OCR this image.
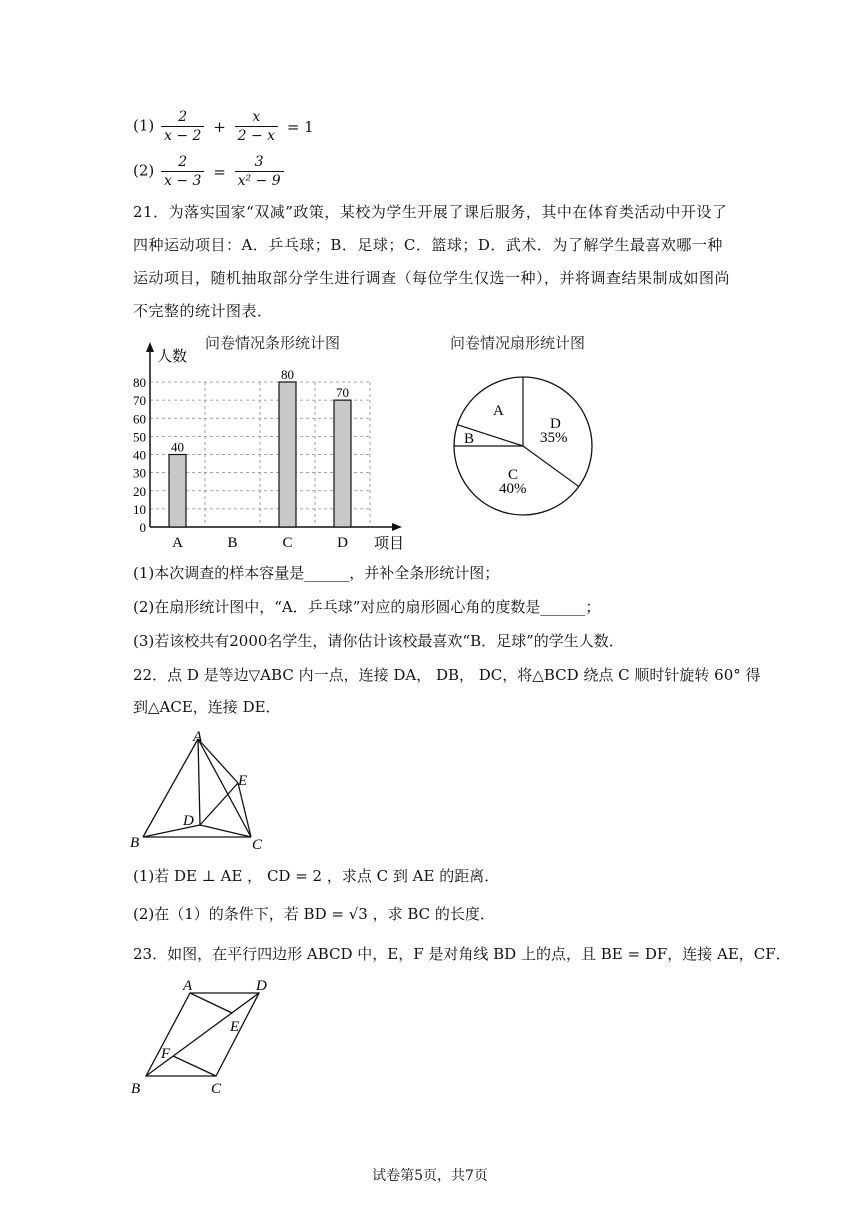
$(1) \frac{2}{x - 2} + \frac{x}{2 - x} = 1$
$(2) \frac{2}{x - 3} = \frac{3}{\text{x² − 9}}$
21．为落实国家“双减”政策，某校为学生开展了课后服务，其中在体育类活动中开设了四种运动项目：A．乒乓球；B．足球；C．篮球；D．武术．为了解学生最喜欢哪一种运动项目，随机抽取部分学生进行调查（每位学生仅选一种），并将调查结果制成如图尚不完整的统计图表．
问卷情况条形统计图	问卷情况扇形统计图
人数
项目
0
10
20
30
40
50
60
70
80
40
80
70
A	B	C	D
A
B
C
40%
D
35%
(1)本次调查的样本容量是______，并补全条形统计图；
(2)在扇形统计图中，“A．乒乓球”对应的扇形圆心角的度数是______；
(3)若该校共有2000名学生，请你估计该校最喜欢“B．足球”的学生人数．
22．点 D 是等边▽ABC 内一点，连接 DA， DB， DC，将△BCD 绕点 C 顺时针旋转 60° 得
到△ACE，连接 DE．
A
B	C
D
E
(1)若 DE ⊥ AE ， CD = 2 ，求点 C 到 AE 的距离．
(2)在（1）的条件下，若 BD = √3 ，求 BC 的长度．
23．如图，在平行四边形 ABCD 中，E，F 是对角线 BD 上的点，且 BE = DF，连接 AE，CF．
A	D
E
F
B	C
试卷第5页，共7页
